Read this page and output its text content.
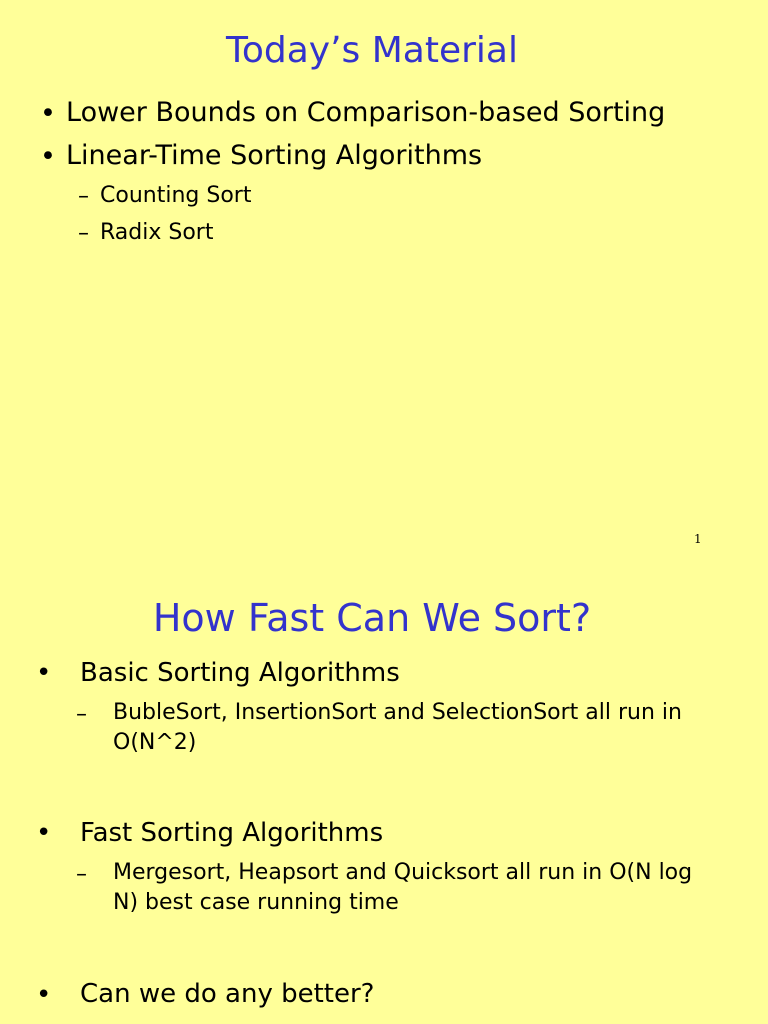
Today’s Material
• Lower Bounds on Comparison-based Sorting
• Linear-Time Sorting Algorithms
– Counting Sort
– Radix Sort
1
How Fast Can We Sort?
• Basic Sorting Algorithms
– BubleSort, InsertionSort and SelectionSort all run in O(N^2)
• Fast Sorting Algorithms
– Mergesort, Heapsort and Quicksort all run in O(N log N) best case running time
• Can we do any better?
